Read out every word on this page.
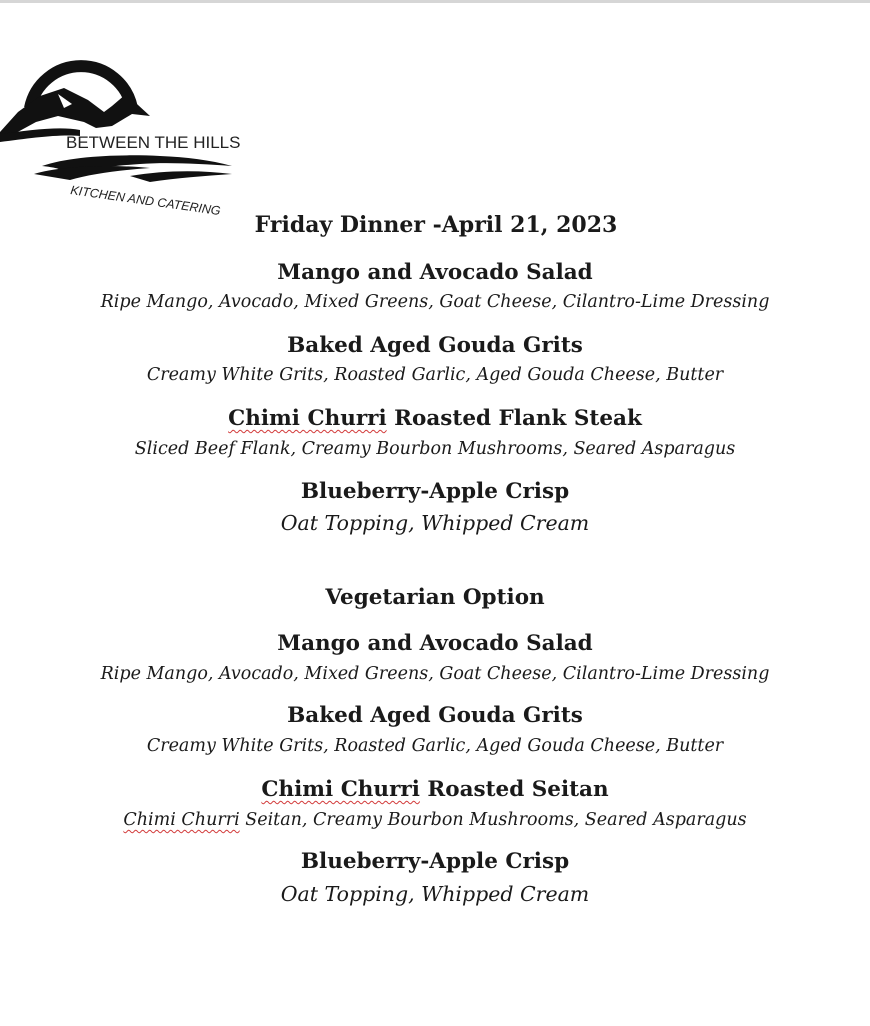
BETWEEN THE HILLS
KITCHEN AND CATERING
Friday Dinner -April 21, 2023
Mango and Avocado Salad
Ripe Mango, Avocado, Mixed Greens, Goat Cheese, Cilantro-Lime Dressing
Baked Aged Gouda Grits
Creamy White Grits, Roasted Garlic, Aged Gouda Cheese, Butter
Chimi Churri Roasted Flank Steak
Sliced Beef Flank, Creamy Bourbon Mushrooms, Seared Asparagus
Blueberry-Apple Crisp
Oat Topping, Whipped Cream
Vegetarian Option
Mango and Avocado Salad
Ripe Mango, Avocado, Mixed Greens, Goat Cheese, Cilantro-Lime Dressing
Baked Aged Gouda Grits
Creamy White Grits, Roasted Garlic, Aged Gouda Cheese, Butter
Chimi Churri Roasted Seitan
Chimi Churri Seitan, Creamy Bourbon Mushrooms, Seared Asparagus
Blueberry-Apple Crisp
Oat Topping, Whipped Cream
